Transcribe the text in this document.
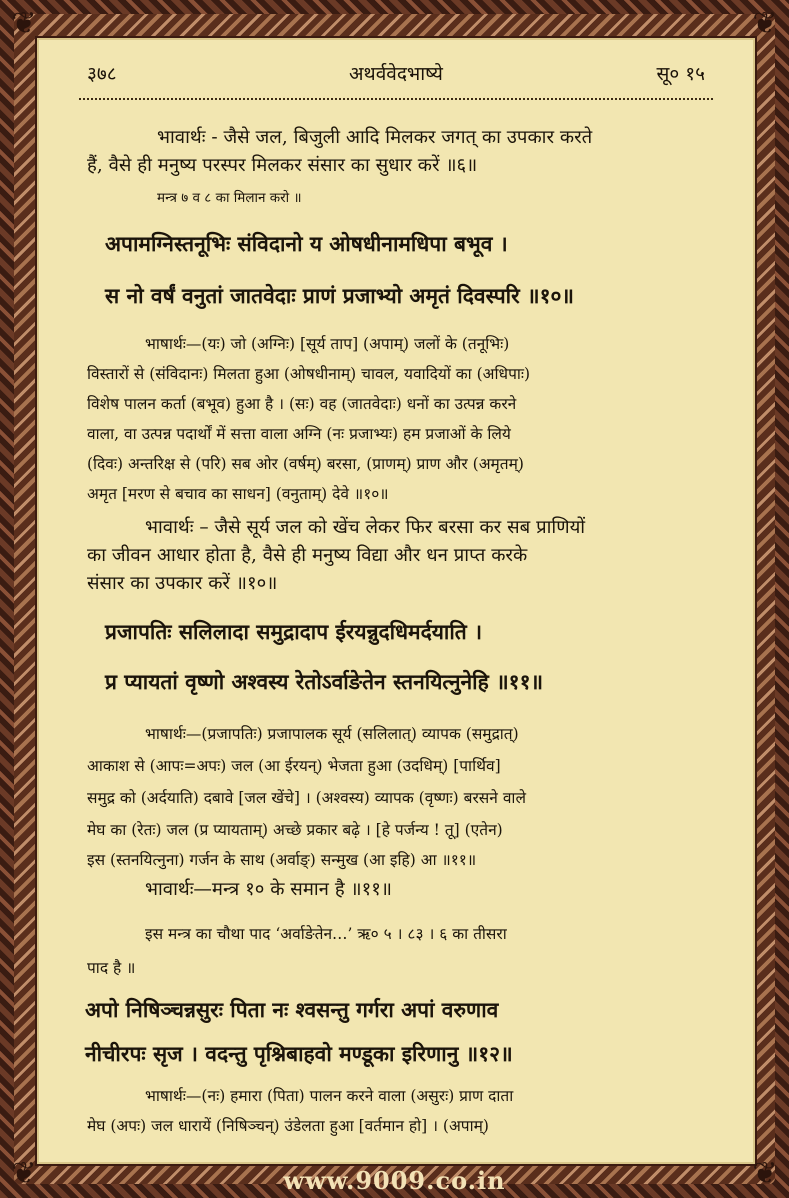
३७८	अथर्ववेदभाष्ये	सू० १५
भावार्थः - जैसे जल, बिजुली आदि मिलकर जगत् का उपकार करते
हैं, वैसे ही मनुष्य परस्पर मिलकर संसार का सुधार करें ॥६॥
मन्त्र ७ व ८ का मिलान करो ॥
अपामग्निस्तनूभिः संविदानो य ओषधीनामधिपा बभूव ।
स नो वर्षं वनुतां जातवेदाः प्राणं प्रजाभ्यो अमृतं दिवस्परि ॥१०॥
भाषार्थः—(यः) जो (अग्निः) [सूर्य ताप] (अपाम्) जलों के (तनूभिः)
विस्तारों से (संविदानः) मिलता हुआ (ओषधीनाम्) चावल, यवादियों का (अधिपाः)
विशेष पालन कर्ता (बभूव) हुआ है । (सः) वह (जातवेदाः) धनों का उत्पन्न करने
वाला, वा उत्पन्न पदार्थों में सत्ता वाला अग्नि (नः प्रजाभ्यः) हम प्रजाओं के लिये
(दिवः) अन्तरिक्ष से (परि) सब ओर (वर्षम्) बरसा, (प्राणम्) प्राण और (अमृतम्)
अमृत [मरण से बचाव का साधन] (वनुताम्) देवे ॥१०॥
भावार्थः – जैसे सूर्य जल को खेंच लेकर फिर बरसा कर सब प्राणियों
का जीवन आधार होता है, वैसे ही मनुष्य विद्या और धन प्राप्त करके
संसार का उपकार करें ॥१०॥
प्रजापतिः सलिलादा समुद्रादाप ईरयन्नुदधिमर्दयाति ।
प्र प्यायतां वृष्णो अश्वस्य रेतोऽर्वाङेतेन स्तनयित्नुनेहि ॥११॥
भाषार्थः—(प्रजापतिः) प्रजापालक सूर्य (सलिलात्) व्यापक (समुद्रात्)
आकाश से (आपः=अपः) जल (आ ईरयन्) भेजता हुआ (उदधिम्) [पार्थिव]
समुद्र को (अर्दयाति) दबावे [जल खेंचे] । (अश्वस्य) व्यापक (वृष्णः) बरसने वाले
मेघ का (रेतः) जल (प्र प्यायताम्) अच्छे प्रकार बढ़े । [हे पर्जन्य ! तू] (एतेन)
इस (स्तनयित्नुना) गर्जन के साथ (अर्वाङ्) सन्मुख (आ इहि) आ ॥११॥
भावार्थः—मन्त्र १० के समान है ॥११॥
इस मन्त्र का चौथा पाद ‘अर्वाङेतेन…’ ऋ० ५ । ८३ । ६ का तीसरा
पाद है ॥
अपो निषिञ्चन्नसुरः पिता नः श्वसन्तु गर्गरा अपां वरुणाव
नीचीरपः सृज । वदन्तु पृश्निबाहवो मण्डूका इरिणानु ॥१२॥
भाषार्थः—(नः) हमारा (पिता) पालन करने वाला (असुरः) प्राण दाता
मेघ (अपः) जल धारायें (निषिञ्चन्) उंडेलता हुआ [वर्तमान हो] । (अपाम्)
❦	❦
❦	❦
www.9009.co.in
